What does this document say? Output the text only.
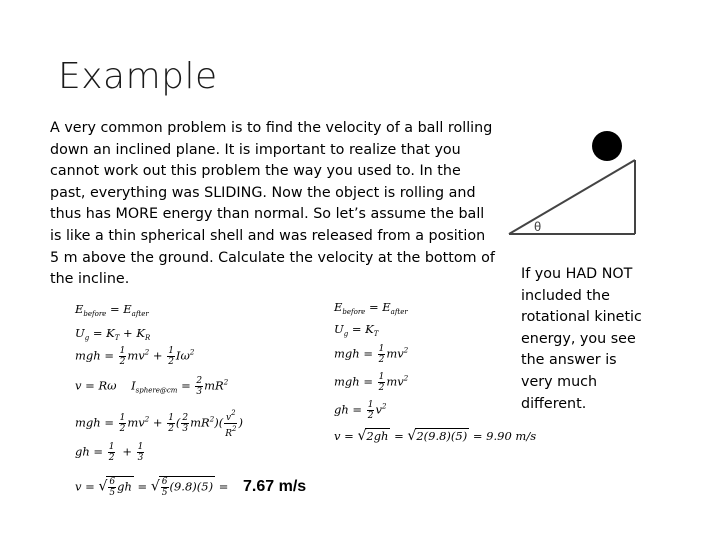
Example

A very common problem is to find the velocity of a ball rolling down an inclined plane. It is important to realize that you cannot work out this problem the way you used to. In the past, everything was SLIDING. Now the object is rolling and thus has MORE energy than normal. So let’s assume the ball is like a thin spherical shell and was released from a position 5 m above the ground. Calculate the velocity at the bottom of the incline.

θ

If you HAD NOT included the rotational kinetic energy, you see the answer is very much different.

$E_{before} = E_{after}$
$U_g = K_T + K_R$
mgh = $\frac{1}{2} mv^2 + \frac{1}{2} I\omega^2$
v = Rω $I_{sphere@cm} = \frac{2}{3} mR^2$
mgh = $\frac{1}{2} mv^2 + \frac{1}{2}$ ( $\frac{2}{3} mR^2)( \frac{v^2}{R^2}$ )
gh = $\frac{1}{2} + \frac{1}{3}$
v = √ $\frac{6}{5}$ gh = √ $\frac{6}{5} (9.8)(5) = 7.67$ m/s

$E_{before} = E_{after}$
$U_g = K_T$
mgh = $\frac{1}{2} mv^2$
mgh = $\frac{1}{2} mv^2$
gh = $\frac{1}{2} v^2$
v = √2gh = √2(9.8)(5) = 9.90 m/s
